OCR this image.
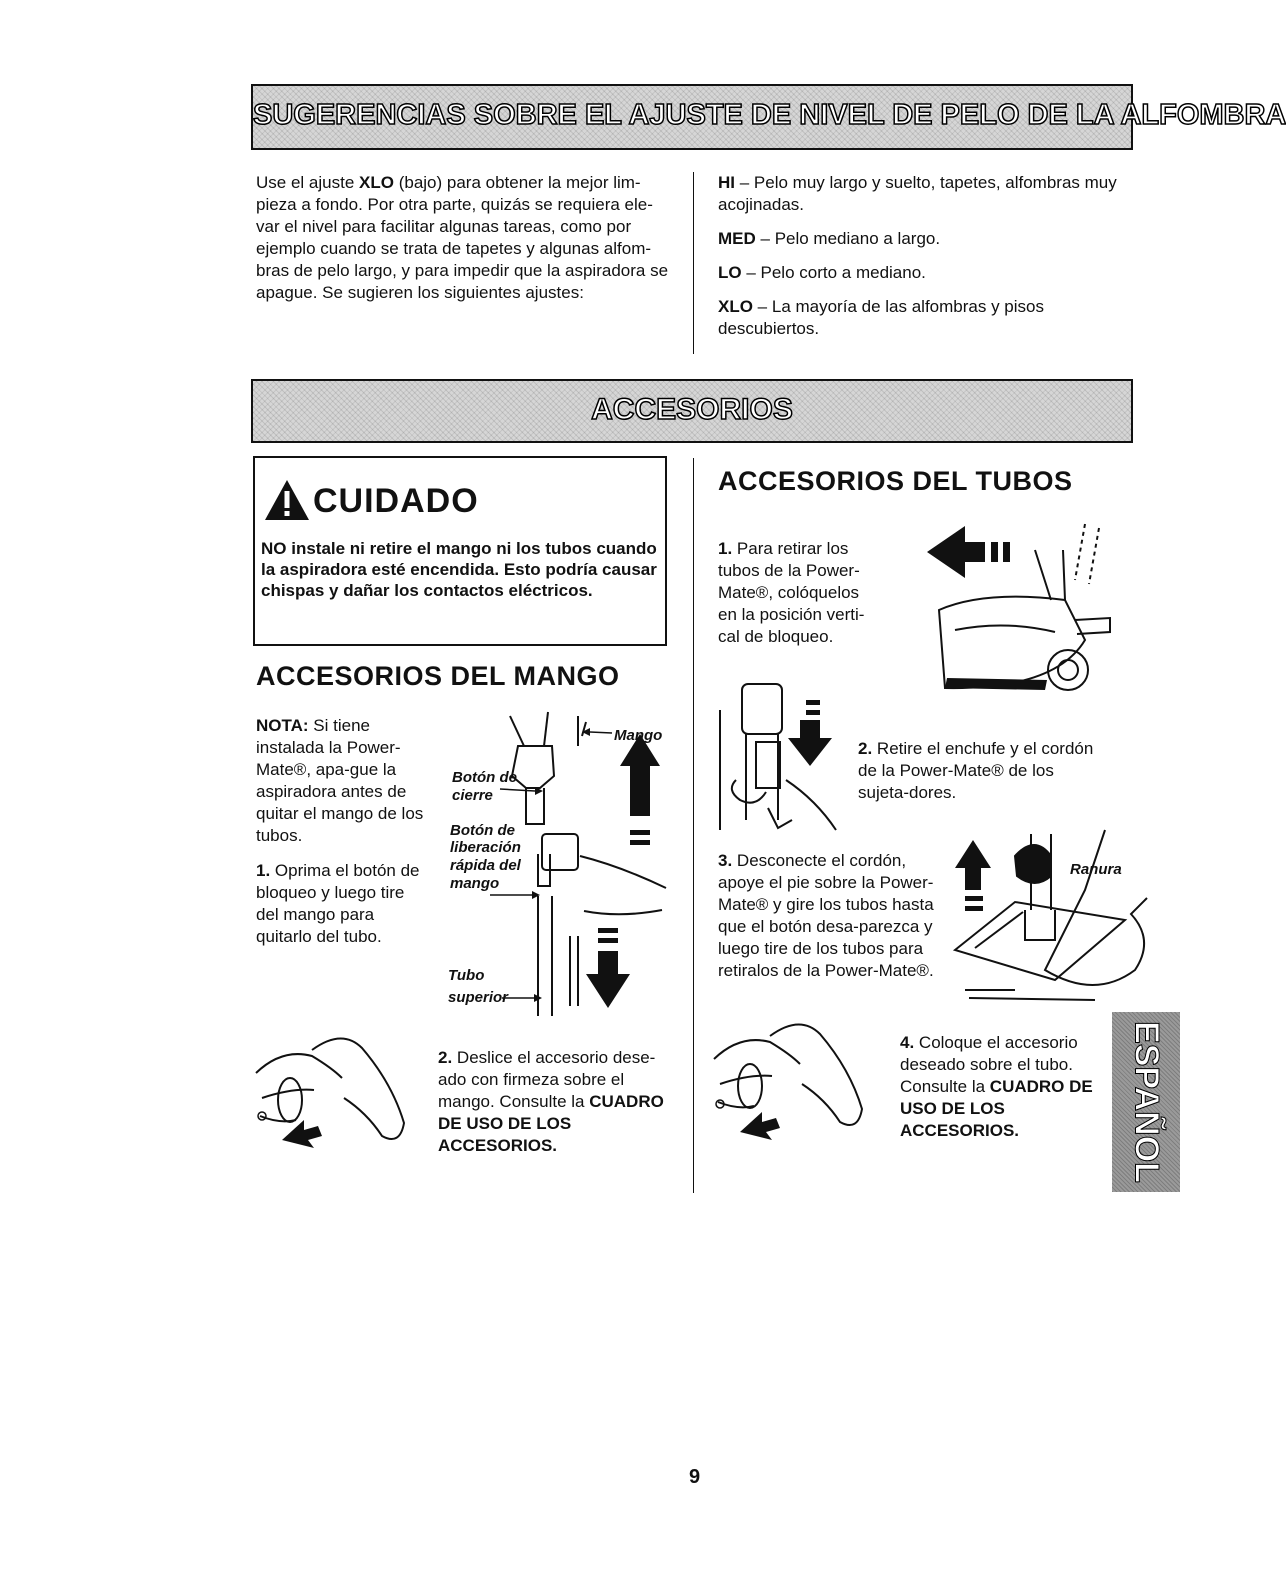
SUGERENCIAS SOBRE EL AJUSTE DE NIVEL DE PELO DE LA ALFOMBRA
Use el ajuste XLO (bajo) para obtener la mejor lim-pieza a fondo. Por otra parte, quizás se requiera ele-var el nivel para facilitar algunas tareas, como por ejemplo cuando se trata de tapetes y algunas alfom-bras de pelo largo, y para impedir que la aspiradora se apague. Se sugieren los siguientes ajustes:
HI – Pelo muy largo y suelto, tapetes, alfombras muy acojinadas.
MED – Pelo mediano a largo.
LO – Pelo corto a mediano.
XLO – La mayoría de las alfombras y pisos descubiertos.
ACCESORIOS
CUIDADO
NO instale ni retire el mango ni los tubos cuando la aspiradora esté encendida. Esto podría causar chispas y dañar los contactos eléctricos.
ACCESORIOS DEL MANGO
NOTA: Si tiene instalada la Power-Mate®, apa-gue la aspiradora antes de quitar el mango de los tubos.
1. Oprima el botón de bloqueo y luego tire del mango para quitarlo del tubo.
Mango
Botón de
cierre
Botón de
liberación
rápida del
mango
Tubo
superior
2. Deslice el accesorio dese-ado con firmeza sobre el mango. Consulte la CUADRO DE USO DE LOS ACCESORIOS.
ACCESORIOS DEL TUBOS
1. Para retirar los tubos de la Power-Mate®, colóquelos en la posición verti-cal de bloqueo.
2. Retire el enchufe y el cordón de la Power-Mate® de los sujeta-dores.
3. Desconecte el cordón, apoye el pie sobre la Power-Mate® y gire los tubos hasta que el botón desa-parezca y luego tire de los tubos para retiralos de la Power-Mate®.
Ranura
4. Coloque el accesorio deseado sobre el tubo. Consulte la CUADRO DE USO DE LOS ACCESORIOS.	ESPAÑOL
9
